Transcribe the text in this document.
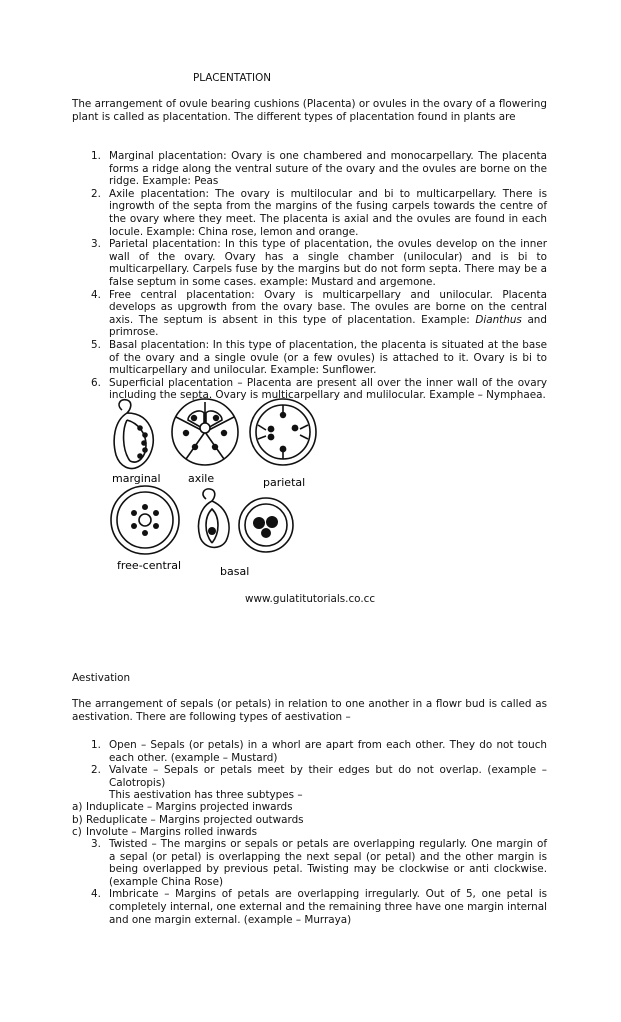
PLACENTATION
The arrangement of ovule bearing cushions (Placenta) or ovules in the ovary of a flowering plant is called as placentation. The different types of placentation found in plants are
1. Marginal placentation: Ovary is one chambered and monocarpellary. The placenta forms a ridge along the ventral suture of the ovary and the ovules are borne on the ridge. Example: Peas
2. Axile placentation: The ovary is multilocular and bi to multicarpellary. There is ingrowth of the septa from the margins of the fusing carpels towards the centre of the ovary where they meet. The placenta is axial and the ovules are found in each locule. Example: China rose, lemon and orange.
3. Parietal placentation: In this type of placentation, the ovules develop on the inner wall of the ovary. Ovary has a single chamber (unilocular) and is bi to multicarpellary. Carpels fuse by the margins but do not form septa. There may be a false septum in some cases. example: Mustard and argemone.
4. Free central placentation: Ovary is multicarpellary and unilocular. Placenta develops as upgrowth from the ovary base. The ovules are borne on the central axis. The septum is absent in this type of placentation. Example: Dianthus and primrose.
5. Basal placentation: In this type of placentation, the placenta is situated at the base of the ovary and a single ovule (or a few ovules) is attached to it. Ovary is bi to multicarpellary and unilocular. Example: Sunflower.
6. Superficial placentation – Placenta are present all over the inner wall of the ovary including the septa. Ovary is multicarpellary and mulilocular. Example – Nymphaea.
marginal axile	parietal
free-central	basal
www.gulatitutorials.co.cc
Aestivation
The arrangement of sepals (or petals) in relation to one another in a flowr bud is called as aestivation. There are following types of aestivation –
1. Open – Sepals (or petals) in a whorl are apart from each other. They do not touch each other. (example – Mustard)
2. Valvate – Sepals or petals meet by their edges but do not overlap. (example – Calotropis)
This aestivation has three subtypes –
a) Induplicate – Margins projected inwards
b) Reduplicate – Margins projected outwards
c) Involute – Margins rolled inwards
3. Twisted – The margins or sepals or petals are overlapping regularly. One margin of a sepal (or petal) is overlapping the next sepal (or petal) and the other margin is being overlapped by previous petal. Twisting may be clockwise or anti clockwise. (example China Rose)
4. Imbricate – Margins of petals are overlapping irregularly. Out of 5, one petal is completely internal, one external and the remaining three have one margin internal and one margin external. (example – Murraya)
